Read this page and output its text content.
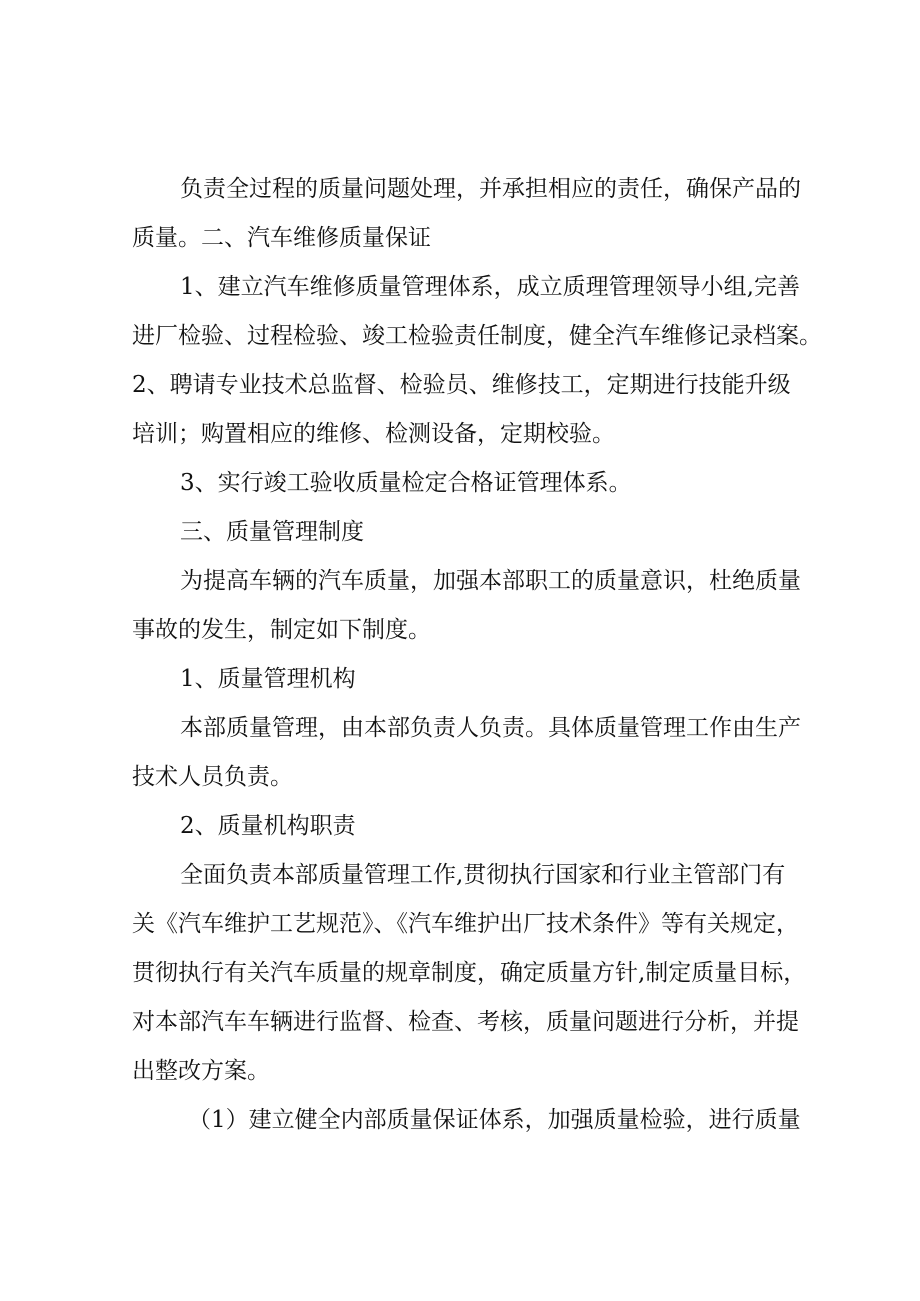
负责全过程的质量问题处理，并承担相应的责任，确保产品的
质量。二、汽车维修质量保证
1、建立汽车维修质量管理体系，成立质理管理领导小组,完善
进厂检验、过程检验、竣工检验责任制度，健全汽车维修记录档案。
2、聘请专业技术总监督、检验员、维修技工，定期进行技能升级
培训；购置相应的维修、检测设备，定期校验。
3、实行竣工验收质量检定合格证管理体系。
三、质量管理制度
为提高车辆的汽车质量，加强本部职工的质量意识，杜绝质量
事故的发生，制定如下制度。
1、质量管理机构
本部质量管理，由本部负责人负责。具体质量管理工作由生产
技术人员负责。
2、质量机构职责
全面负责本部质量管理工作,贯彻执行国家和行业主管部门有
关《汽车维护工艺规范》、《汽车维护出厂技术条件》等有关规定，
贯彻执行有关汽车质量的规章制度，确定质量方针,制定质量目标，
对本部汽车车辆进行监督、检查、考核，质量问题进行分析，并提
出整改方案。
（1）建立健全内部质量保证体系，加强质量检验，进行质量
